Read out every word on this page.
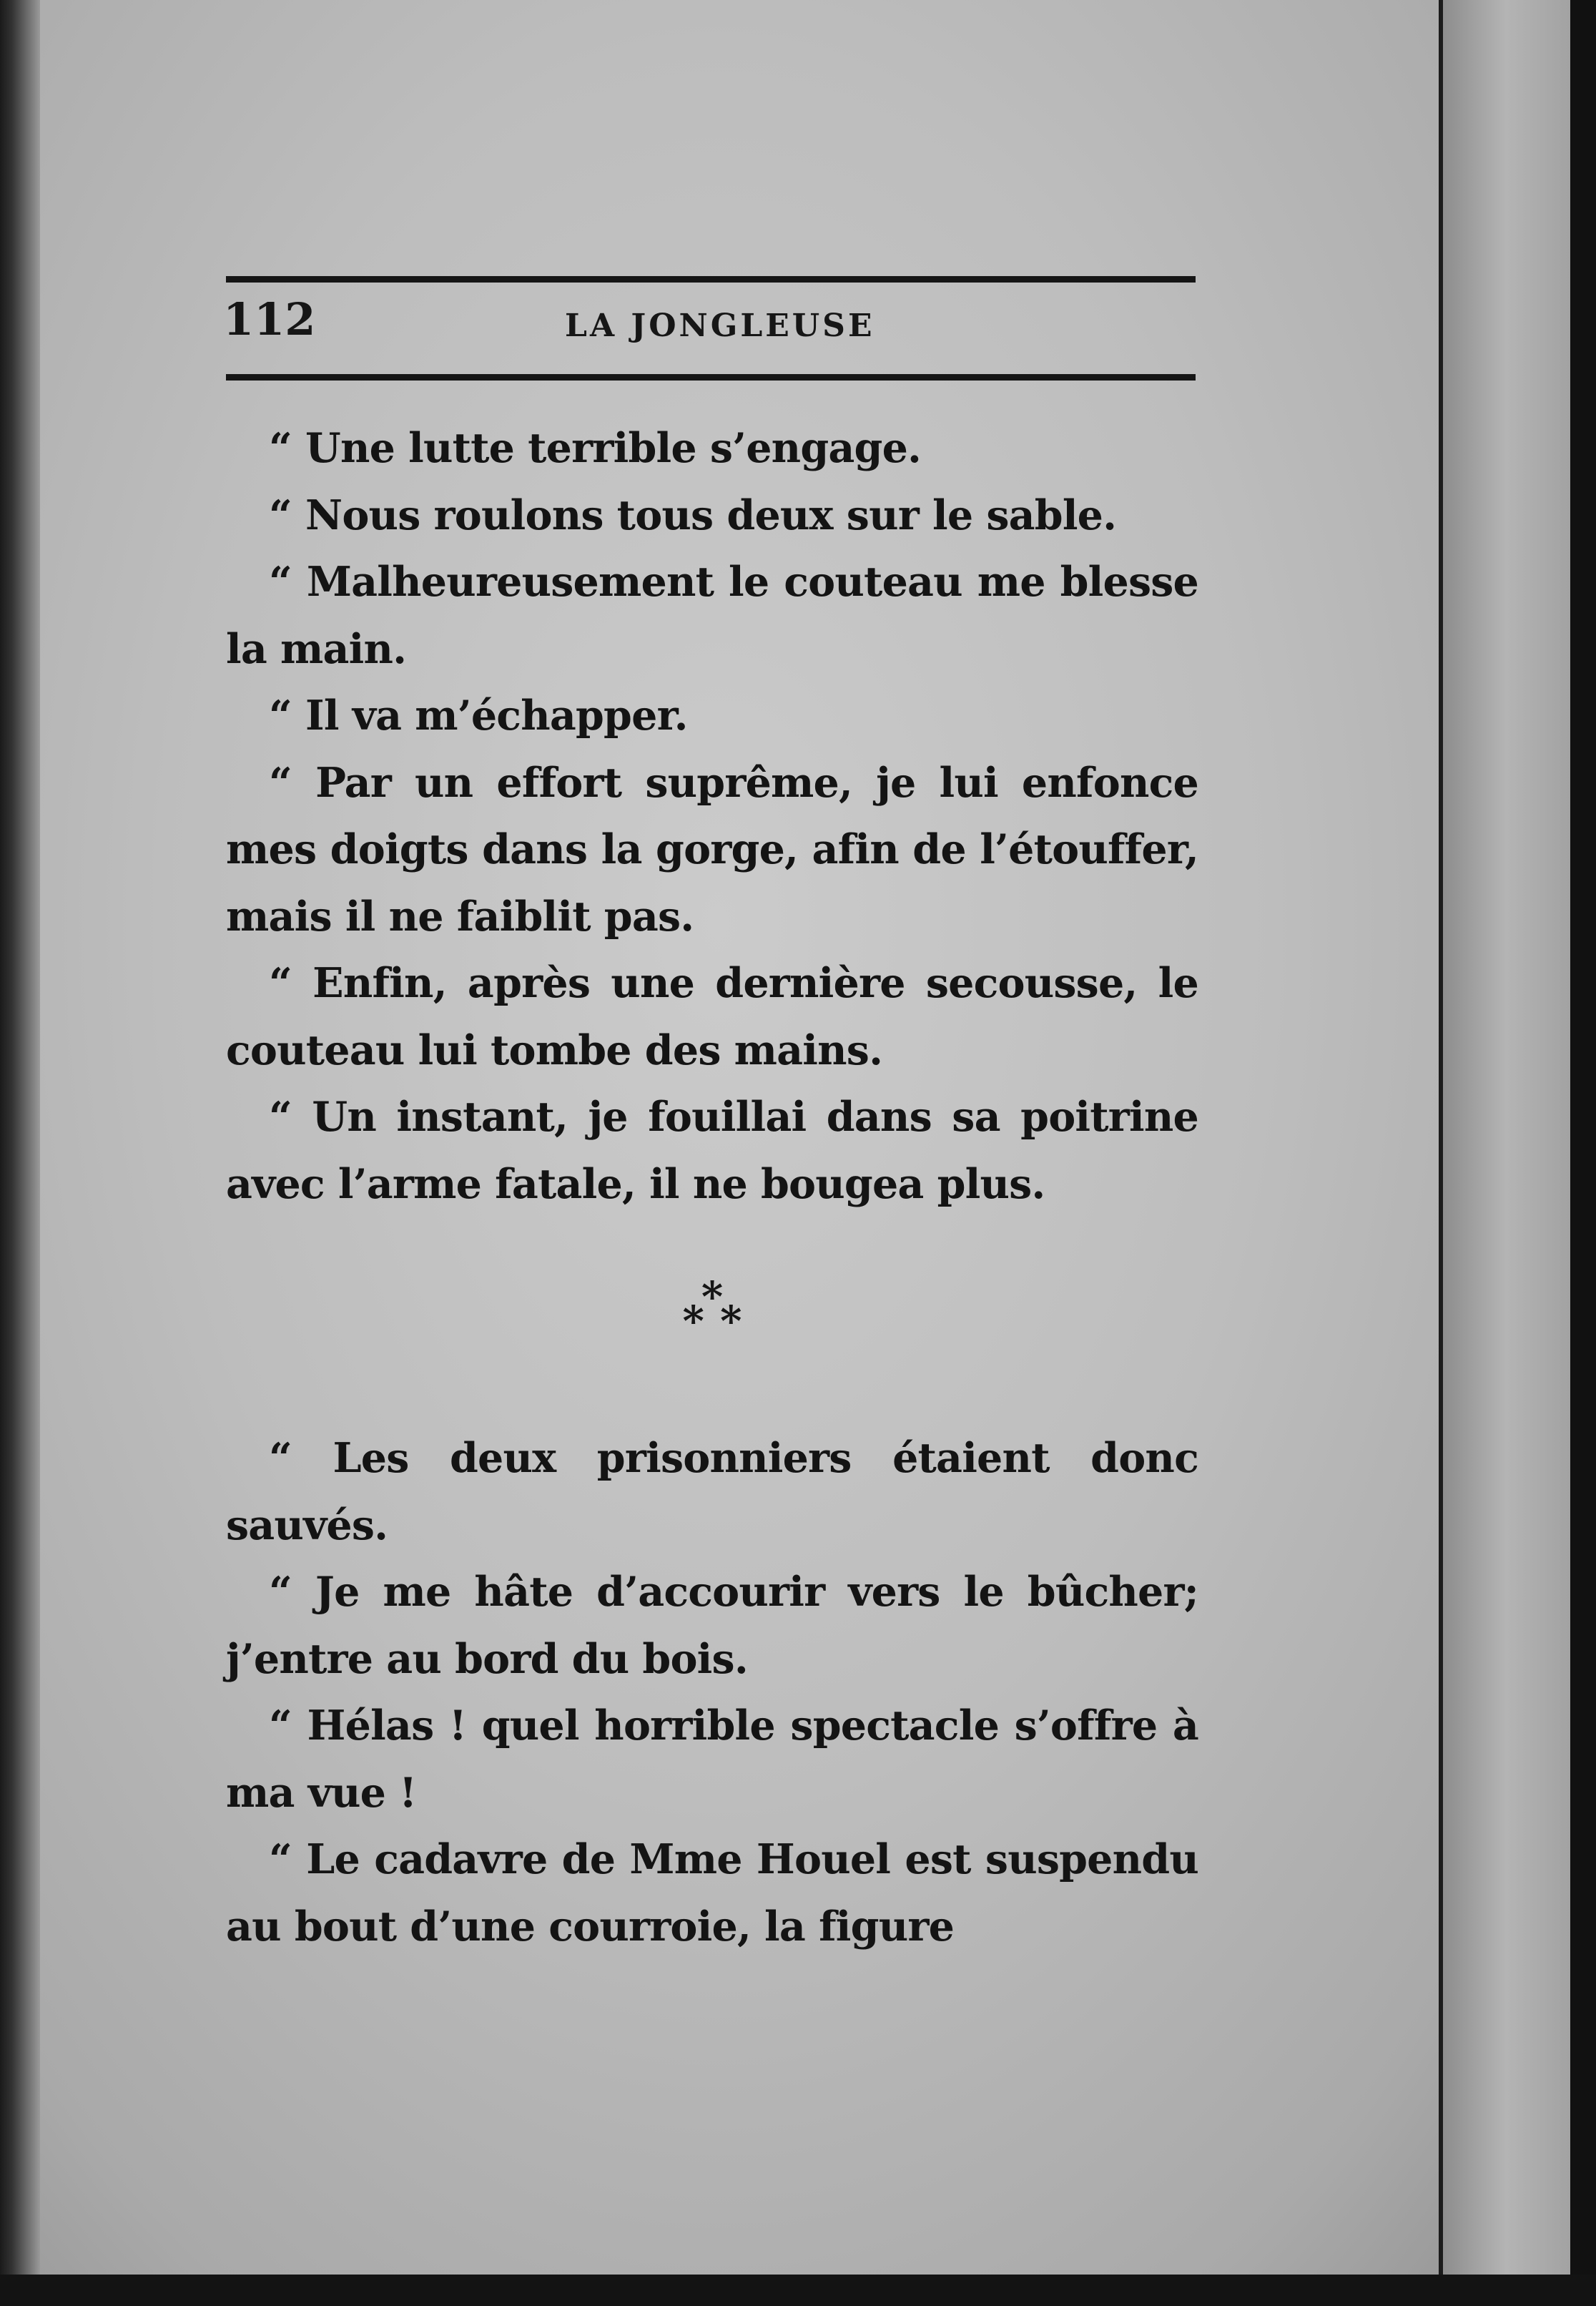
112	LA JONGLEUSE

“ Une lutte terrible s’engage.

“ Nous roulons tous deux sur le sable.

“ Malheureusement le couteau me blesse la main.

“ Il va m’échapper.

“ Par un effort suprême, je lui enfonce mes doigts dans la gorge, afin de l’étouffer, mais il ne faiblit pas.

“ Enfin, après une dernière secousse, le couteau lui tombe des mains.

“ Un instant, je fouillai dans sa poitrine avec l’arme fatale, il ne bougea plus.

*
*
*

“ Les deux prisonniers étaient donc sauvés.

“ Je me hâte d’accourir vers le bûcher; j’entre au bord du bois.

“ Hélas ! quel horrible spectacle s’offre à ma vue !

“ Le cadavre de Mme Houel est suspendu au bout d’une courroie, la figure
